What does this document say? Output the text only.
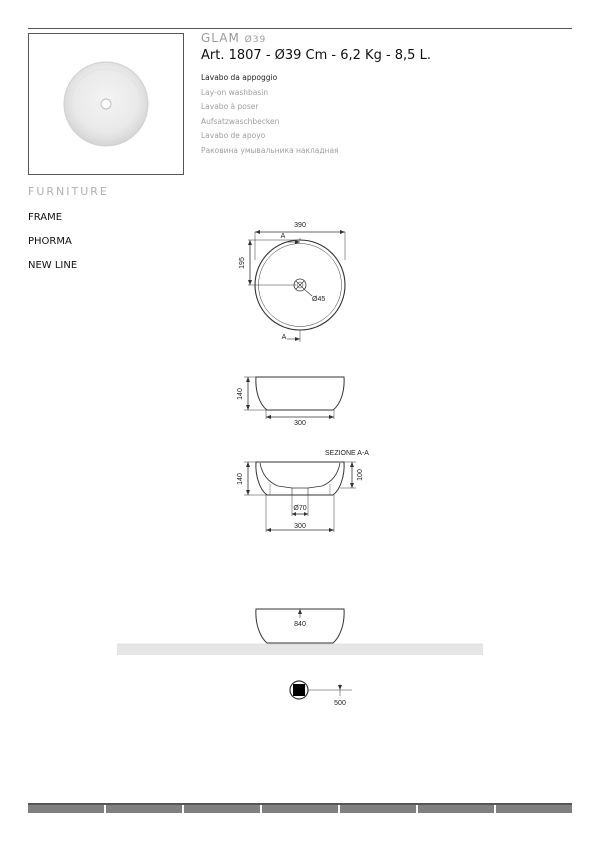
GLAM Ø39
Art. 1807 - Ø39 Cm - 6,2 Kg - 8,5 L.
Lavabo da appoggio
Lay-on washbasin
Lavabo à poser
Aufsatzwaschbecken
Lavabo de apoyo
Раковина умывальника накладная
FURNITURE
FRAME
PHORMA
NEW LINE
390
195
Ø45
A
A
300
140
SEZIONE A-A
140	100
Ø70
300
840
500
